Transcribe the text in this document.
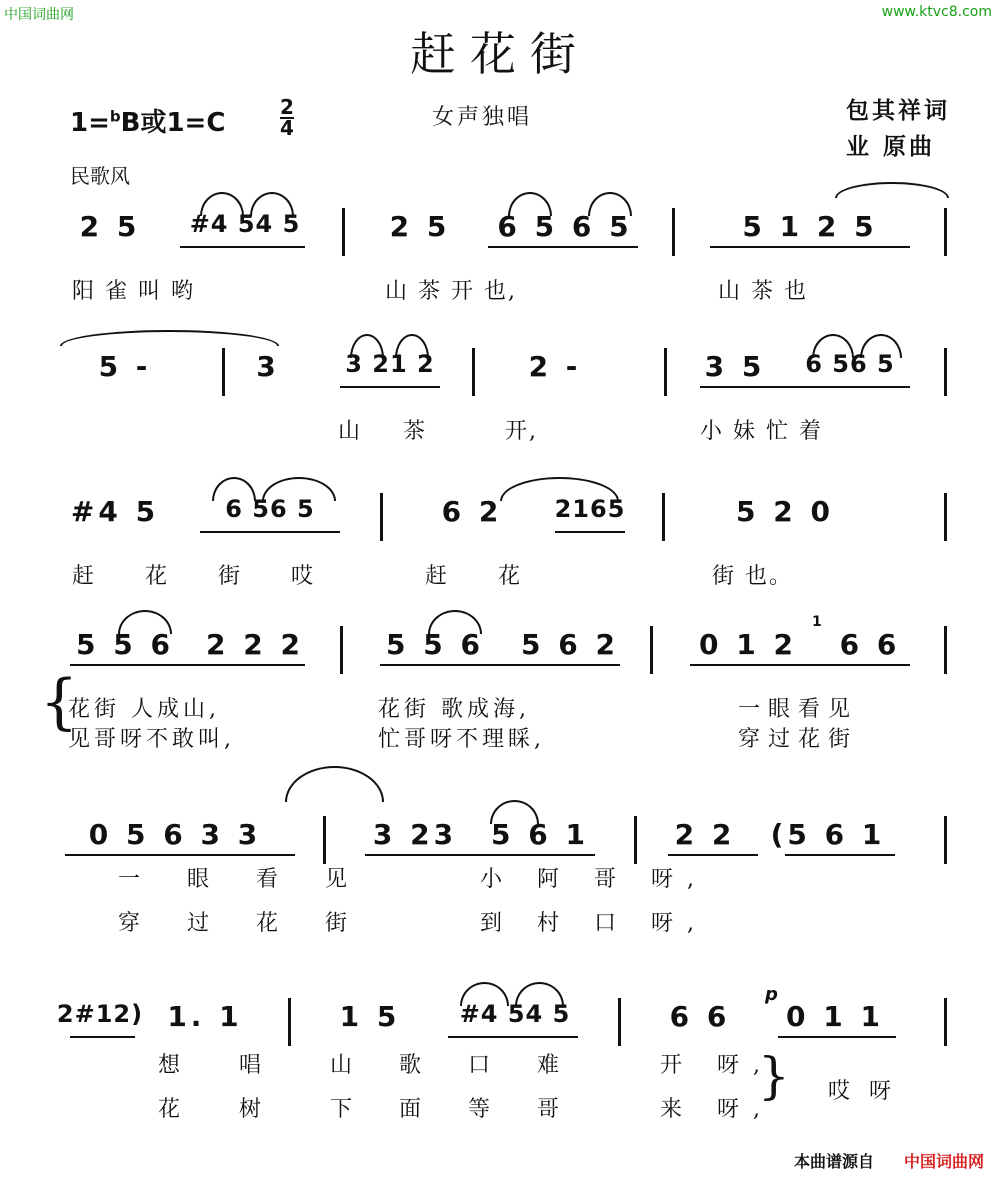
中国词曲网	www.ktvc8.com
赶花街
1=$^b$B或1=C
2
4	女声独唱	包其祥词
业 原曲
民歌风
2 5	#4 54 5	2 5 6 5 6 5	5 1 2 5
阳 雀 叫 哟	山 茶 开 也,	山 茶 也
5 -	3	3 21 2	2 -	3 5	6 56 5
山 茶	开,	小 妹 忙 着
#4 5	6 56 5	6 2 2165	5 2 0
赶 花 街 哎	赶 花	街 也。
5 5 6	2 2 2	5 5 6	5 6 2	0 1 2
1
6 6
{
花街 人成山,	花街 歌成海,	一眼看见
见哥呀不敢叫,	忙哥呀不理睬,	穿过花街
0 5 6 3 3	3 23	5 6 1	2 2	(5 6 1
一 眼 看 见	小 阿 哥 呀,
穿 过 花 街	到 村 口 呀,
2#12) 1. 1	1 5	#4 54 5	6 6
p
0 1 1
想 唱 山 歌 口 难	开 呀,
花 树 下 面 等 哥	来 呀,
} 哎 呀
本曲谱源自 中国词曲网
